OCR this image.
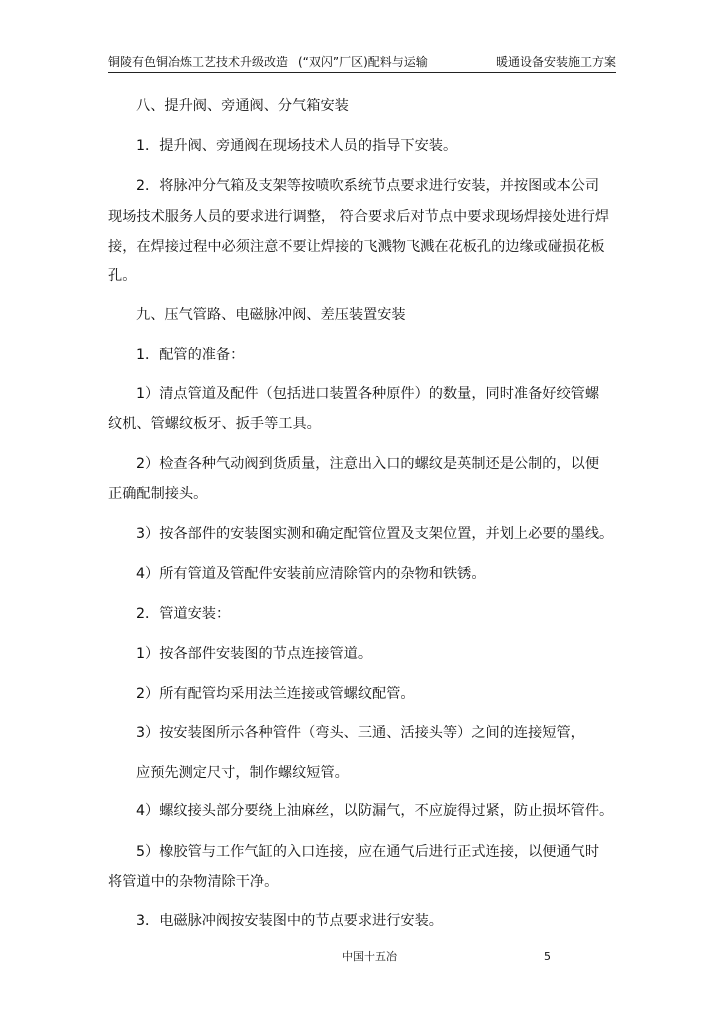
铜陵有色铜冶炼工艺技术升级改造 (“双闪”厂区)配料与运输	暖通设备安装施工方案
八、提升阀、旁通阀、分气箱安装
1．提升阀、旁通阀在现场技术人员的指导下安装。
2．将脉冲分气箱及支架等按喷吹系统节点要求进行安装，并按图或本公司
现场技术服务人员的要求进行调整， 符合要求后对节点中要求现场焊接处进行焊
接，在焊接过程中必须注意不要让焊接的飞溅物飞溅在花板孔的边缘或碰损花板
孔。
九、压气管路、电磁脉冲阀、差压装置安装
1．配管的准备：
1）清点管道及配件（包括进口装置各种原件）的数量，同时准备好绞管螺
纹机、管螺纹板牙、扳手等工具。
2）检查各种气动阀到货质量，注意出入口的螺纹是英制还是公制的，以便
正确配制接头。
3）按各部件的安装图实测和确定配管位置及支架位置，并划上必要的墨线。
4）所有管道及管配件安装前应清除管内的杂物和铁锈。
2．管道安装：
1）按各部件安装图的节点连接管道。
2）所有配管均采用法兰连接或管螺纹配管。
3）按安装图所示各种管件（弯头、三通、活接头等）之间的连接短管，
应预先测定尺寸，制作螺纹短管。
4）螺纹接头部分要绕上油麻丝，以防漏气，不应旋得过紧，防止损坏管件。
5）橡胶管与工作气缸的入口连接，应在通气后进行正式连接，以便通气时
将管道中的杂物清除干净。
3．电磁脉冲阀按安装图中的节点要求进行安装。
中国十五冶	5
